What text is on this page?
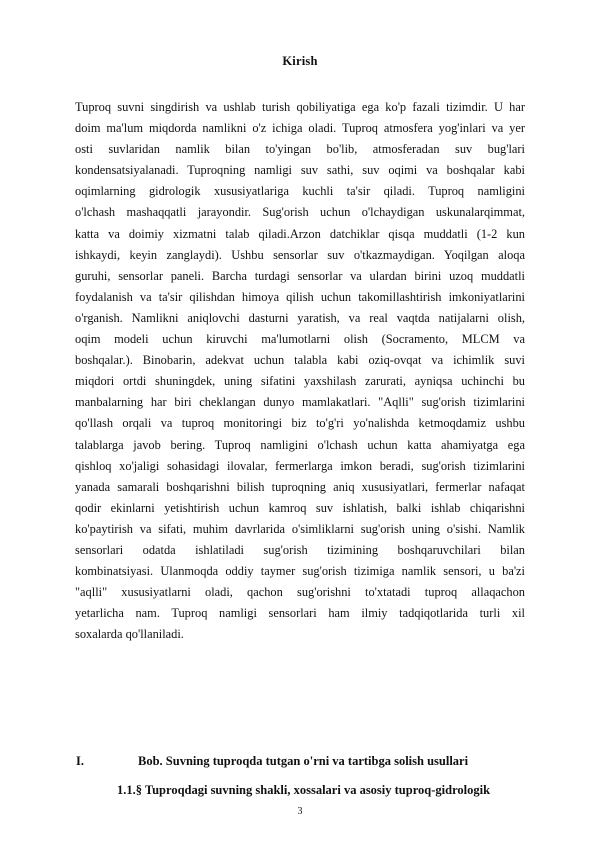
Kirish
Tuproq suvni singdirish va ushlab turish qobiliyatiga ega ko'p fazali tizimdir. U har
doim ma'lum miqdorda namlikni o'z ichiga oladi. Tuproq atmosfera yog'inlari va yer
osti suvlaridan namlik bilan to'yingan bo'lib, atmosferadan suv bug'lari
kondensatsiyalanadi. Tuproqning namligi suv sathi, suv oqimi va boshqalar kabi
oqimlarning gidrologik xususiyatlariga kuchli ta'sir qiladi. Tuproq namligini
o'lchash mashaqqatli jarayondir. Sug'orish uchun o'lchaydigan uskunalarqimmat,
katta va doimiy xizmatni talab qiladi.Arzon datchiklar qisqa muddatli (1-2 kun
ishkaydi, keyin zanglaydi). Ushbu sensorlar suv o'tkazmaydigan. Yoqilgan aloqa
guruhi, sensorlar paneli. Barcha turdagi sensorlar va ulardan birini uzoq muddatli
foydalanish va ta'sir qilishdan himoya qilish uchun takomillashtirish imkoniyatlarini
o'rganish. Namlikni aniqlovchi dasturni yaratish, va real vaqtda natijalarni olish,
oqim modeli uchun kiruvchi ma'lumotlarni olish (Socramento, MLCM va
boshqalar.). Binobarin, adekvat uchun talabla kabi oziq-ovqat va ichimlik suvi
miqdori ortdi shuningdek, uning sifatini yaxshilash zarurati, ayniqsa uchinchi bu
manbalarning har biri cheklangan dunyo mamlakatlari. "Aqlli" sug'orish tizimlarini
qo'llash orqali va tuproq monitoringi biz to'g'ri yo'nalishda ketmoqdamiz ushbu
talablarga javob bering. Tuproq namligini o'lchash uchun katta ahamiyatga ega
qishloq xo'jaligi sohasidagi ilovalar, fermerlarga imkon beradi, sug'orish tizimlarini
yanada samarali boshqarishni bilish tuproqning aniq xususiyatlari, fermerlar nafaqat
qodir ekinlarni yetishtirish uchun kamroq suv ishlatish, balki ishlab chiqarishni
ko'paytirish va sifati, muhim davrlarida o'simliklarni sug'orish uning o'sishi. Namlik
sensorlari odatda ishlatiladi sug'orish tizimining boshqaruvchilari bilan
kombinatsiyasi. Ulanmoqda oddiy taymer sug'orish tizimiga namlik sensori, u ba'zi
"aqlli" xususiyatlarni oladi, qachon sug'orishni to'xtatadi tuproq allaqachon
yetarlicha nam. Tuproq namligi sensorlari ham ilmiy tadqiqotlarida turli xil
soxalarda qo'llaniladi.
I.	Bob. Suvning tuproqda tutgan o'rni va tartibga solish usullari
1.1.§ Tuproqdagi suvning shakli, xossalari va asosiy tuproq-gidrologik
3
